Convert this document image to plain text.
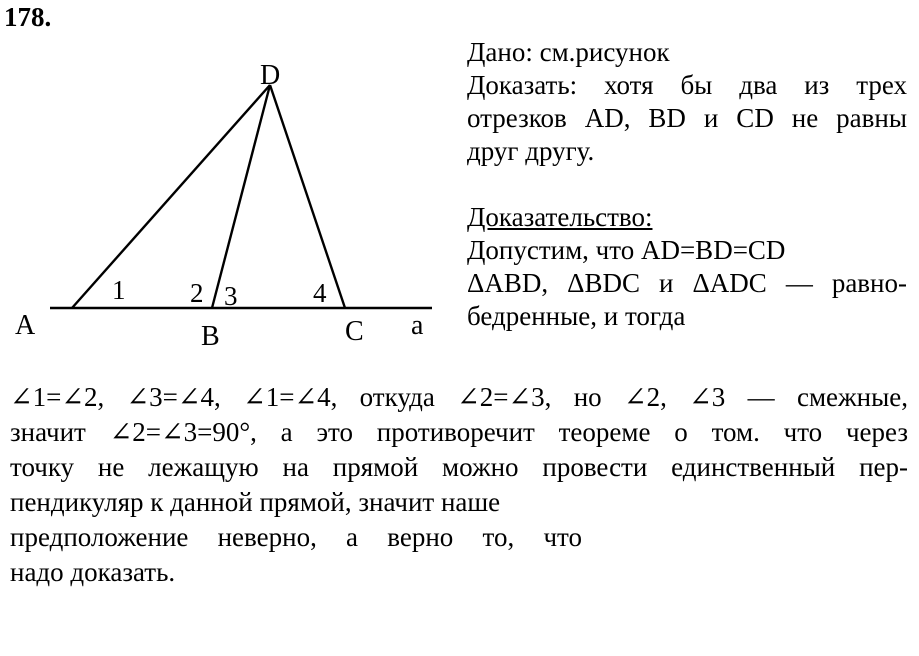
178.
D
A	B	C a
1 2 3	4

Дано: см.рисунок

Доказать: хотя бы два из трех

отрезков AD, BD и CD не равны

друг другу.

Доказательство:

Допустим, что AD=BD=CD

ΔABD, ΔBDC и ΔADC — равно-

бедренные, и тогда

∠1=∠2, ∠3=∠4, ∠1=∠4, откуда ∠2=∠3, но ∠2, ∠3 — смежные,
значит ∠2=∠3=90°, а это противоречит теореме о том. что через
точку не лежащую на прямой можно провести единственный пер-
пендикуляр к данной прямой, значит наше
предположение неверно, а верно то, что
надо доказать.
